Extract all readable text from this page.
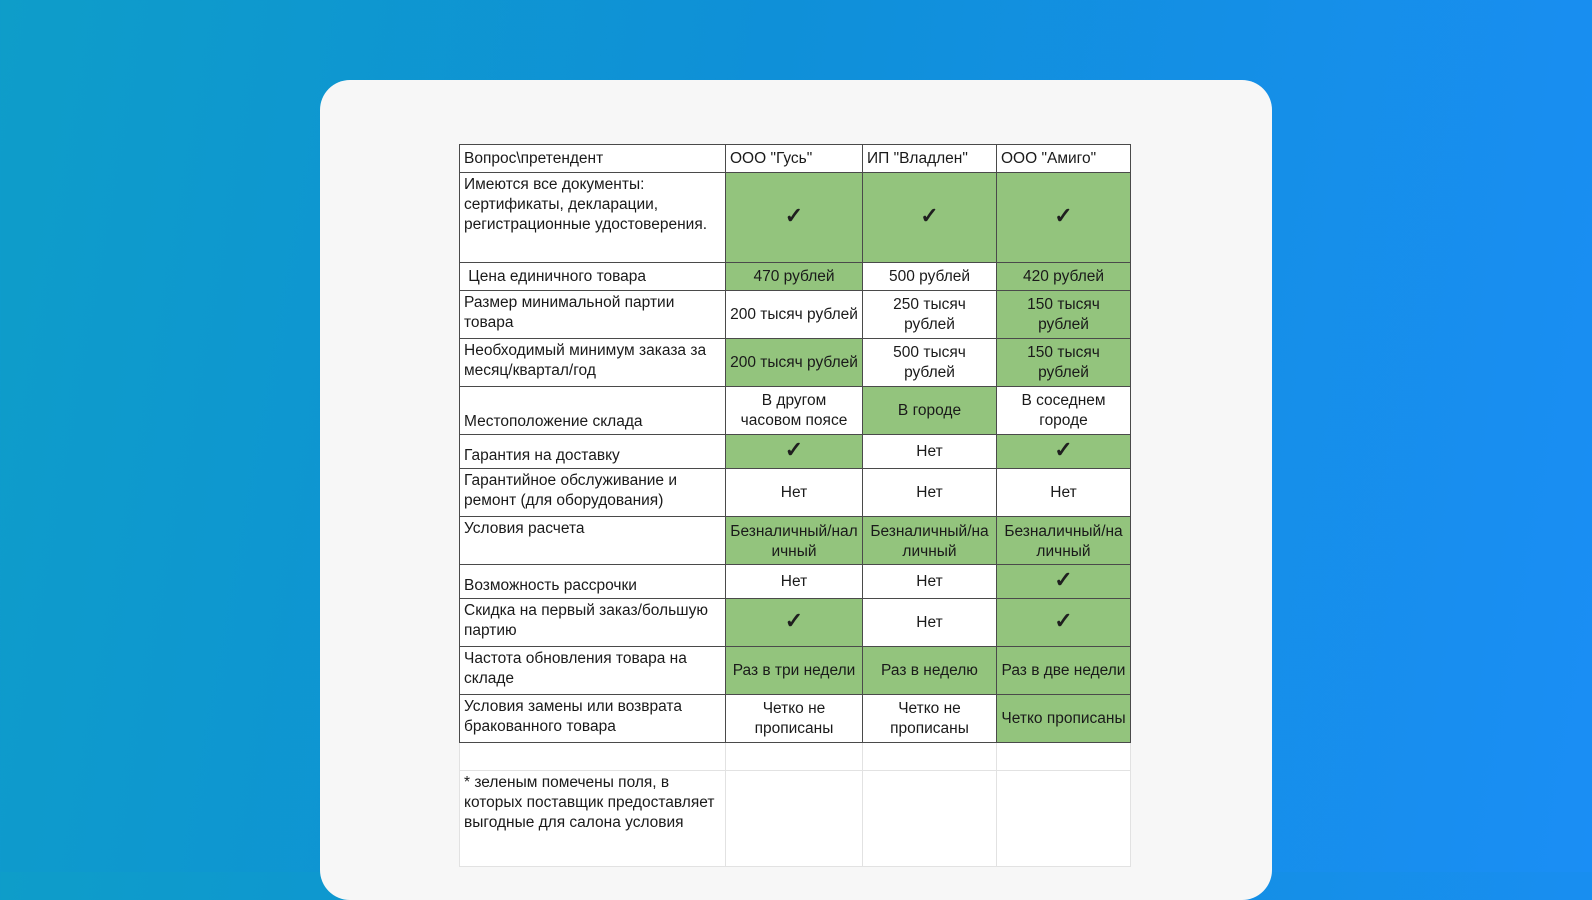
Вопрос\претендент	ООО "Гусь"	ИП "Владлен"	ООО "Амиго"
Имеются все документы: сертификаты, декларации, регистрационные удостоверения.	✓	✓	✓
Цена единичного товара	470 рублей	500 рублей	420 рублей
Размер минимальной партии товара	200 тысяч рублей	250 тысяч рублей	150 тысяч рублей
Необходимый минимум заказа за месяц/квартал/год	200 тысяч рублей	500 тысяч рублей	150 тысяч рублей
Местоположение склада	В другом часовом поясе	В городе	В соседнем городе
Гарантия на доставку	✓	Нет	✓
Гарантийное обслуживание и ремонт (для оборудования)	Нет	Нет	Нет
Условия расчета	Безналичный/наличный	Безналичный/наличный	Безналичный/наличный
Возможность рассрочки	Нет	Нет	✓
Скидка на первый заказ/большую партию	✓	Нет	✓
Частота обновления товара на складе	Раз в три недели	Раз в неделю	Раз в две недели
Условия замены или возврата бракованного товара	Четко не прописаны	Четко не прописаны	Четко прописаны

* зеленым помечены поля, в которых поставщик предоставляет выгодные для салона условия			
